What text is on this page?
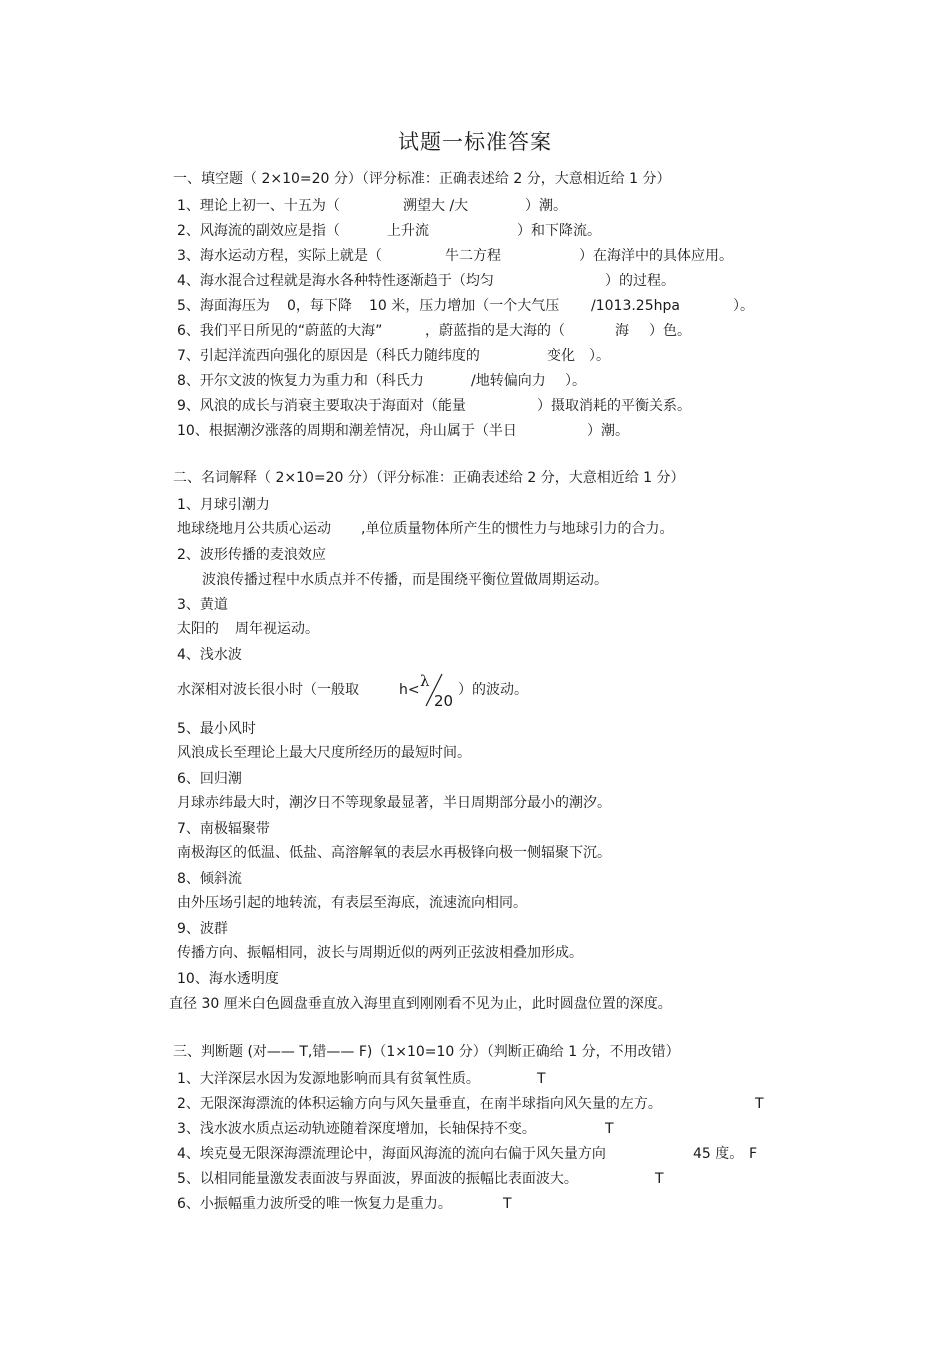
试题一标准答案
一、填空题（ 2×10=20 分）（评分标准：正确表述给 2 分，大意相近给 1 分）
1、理论上初一、十五为（	溯望大 /大	）潮。
2、风海流的副效应是指（	上升流	）和下降流。
3、海水运动方程，实际上就是（	牛二方程	）在海洋中的具体应用。
4、海水混合过程就是海水各种特性逐渐趋于（均匀	）的过程。
5、海面海压为 0，每下降 10 米，压力增加（一个大气压 /1013.25hpa	）。
6、我们平日所见的“蔚蓝的大海”	，蔚蓝指的是大海的（	海 ）色。
7、引起洋流西向强化的原因是（科氏力随纬度的	变化 ）。
8、开尔文波的恢复力为重力和（科氏力	/地转偏向力 ）。
9、风浪的成长与消衰主要取决于海面对（能量	）摄取消耗的平衡关系。
10、根据潮汐涨落的周期和潮差情况，舟山属于（半日	）潮。
二、名词解释（ 2×10=20 分）（评分标准：正确表述给 2 分，大意相近给 1 分）
1、月球引潮力
地球绕地月公共质心运动 ,单位质量物体所产生的惯性力与地球引力的合力。
2、波形传播的麦浪效应
波浪传播过程中水质点并不传播，而是围绕平衡位置做周期运动。
3、黄道
太阳的 周年视运动。
4、浅水波
水深相对波长很小时（一般取	h<	）的波动。
λ
20
5、最小风时
风浪成长至理论上最大尺度所经历的最短时间。
6、回归潮
月球赤纬最大时，潮汐日不等现象最显著，半日周期部分最小的潮汐。
7、南极辐聚带
南极海区的低温、低盐、高溶解氧的表层水再极锋向极一侧辐聚下沉。
8、倾斜流
由外压场引起的地转流，有表层至海底，流速流向相同。
9、波群
传播方向、振幅相同，波长与周期近似的两列正弦波相叠加形成。
10、海水透明度
直径 30 厘米白色圆盘垂直放入海里直到刚刚看不见为止，此时圆盘位置的深度。
三、判断题 (对—— T,错—— F)（1×10=10 分）（判断正确给 1 分，不用改错）
1、大洋深层水因为发源地影响而具有贫氧性质。	T
2、无限深海漂流的体积运输方向与风矢量垂直，在南半球指向风矢量的左方。	T
3、浅水波水质点运动轨迹随着深度增加，长轴保持不变。	T
4、埃克曼无限深海漂流理论中，海面风海流的流向右偏于风矢量方向	45 度。 F
5、以相同能量激发表面波与界面波，界面波的振幅比表面波大。	T
6、小振幅重力波所受的唯一恢复力是重力。	T
